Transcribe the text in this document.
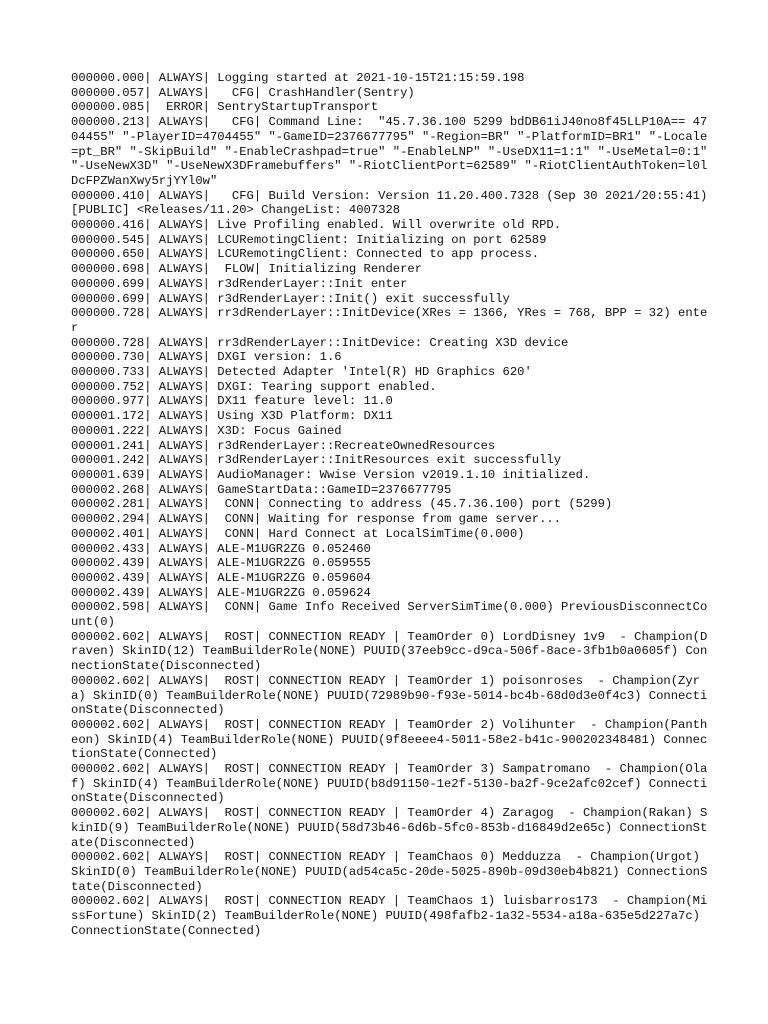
000000.000| ALWAYS| Logging started at 2021-10-15T21:15:59.198
000000.057| ALWAYS|   CFG| CrashHandler(Sentry)
000000.085|  ERROR| SentryStartupTransport
000000.213| ALWAYS|   CFG| Command Line:  "45.7.36.100 5299 bdDB61iJ40no8f45LLP10A== 4704455" "-PlayerID=4704455" "-GameID=2376677795" "-Region=BR" "-PlatformID=BR1" "-Locale=pt_BR" "-SkipBuild" "-EnableCrashpad=true" "-EnableLNP" "-UseDX11=1:1" "-UseMetal=0:1" "-UseNewX3D" "-UseNewX3DFramebuffers" "-RiotClientPort=62589" "-RiotClientAuthToken=l0lDcFPZWanXwy5rjYYl0w"
000000.410| ALWAYS|   CFG| Build Version: Version 11.20.400.7328 (Sep 30 2021/20:55:41) [PUBLIC] <Releases/11.20> ChangeList: 4007328
000000.416| ALWAYS| Live Profiling enabled. Will overwrite old RPD.
000000.545| ALWAYS| LCURemotingClient: Initializing on port 62589
000000.650| ALWAYS| LCURemotingClient: Connected to app process.
000000.698| ALWAYS|  FLOW| Initializing Renderer
000000.699| ALWAYS| r3dRenderLayer::Init enter
000000.699| ALWAYS| r3dRenderLayer::Init() exit successfully
000000.728| ALWAYS| rr3dRenderLayer::InitDevice(XRes = 1366, YRes = 768, BPP = 32) enter
000000.728| ALWAYS| rr3dRenderLayer::InitDevice: Creating X3D device
000000.730| ALWAYS| DXGI version: 1.6
000000.733| ALWAYS| Detected Adapter 'Intel(R) HD Graphics 620'
000000.752| ALWAYS| DXGI: Tearing support enabled.
000000.977| ALWAYS| DX11 feature level: 11.0
000001.172| ALWAYS| Using X3D Platform: DX11
000001.222| ALWAYS| X3D: Focus Gained
000001.241| ALWAYS| r3dRenderLayer::RecreateOwnedResources
000001.242| ALWAYS| r3dRenderLayer::InitResources exit successfully
000001.639| ALWAYS| AudioManager: Wwise Version v2019.1.10 initialized.
000002.268| ALWAYS| GameStartData::GameID=2376677795
000002.281| ALWAYS|  CONN| Connecting to address (45.7.36.100) port (5299)
000002.294| ALWAYS|  CONN| Waiting for response from game server...
000002.401| ALWAYS|  CONN| Hard Connect at LocalSimTime(0.000)
000002.433| ALWAYS| ALE-M1UGR2ZG 0.052460
000002.439| ALWAYS| ALE-M1UGR2ZG 0.059555
000002.439| ALWAYS| ALE-M1UGR2ZG 0.059604
000002.439| ALWAYS| ALE-M1UGR2ZG 0.059624
000002.598| ALWAYS|  CONN| Game Info Received ServerSimTime(0.000) PreviousDisconnectCount(0)
000002.602| ALWAYS|  ROST| CONNECTION READY | TeamOrder 0) LordDisney 1v9  - Champion(Draven) SkinID(12) TeamBuilderRole(NONE) PUUID(37eeb9cc-d9ca-506f-8ace-3fb1b0a0605f) ConnectionState(Disconnected)
000002.602| ALWAYS|  ROST| CONNECTION READY | TeamOrder 1) poisonroses  - Champion(Zyra) SkinID(0) TeamBuilderRole(NONE) PUUID(72989b90-f93e-5014-bc4b-68d0d3e0f4c3) ConnectionState(Disconnected)
000002.602| ALWAYS|  ROST| CONNECTION READY | TeamOrder 2) Volihunter  - Champion(Pantheon) SkinID(4) TeamBuilderRole(NONE) PUUID(9f8eeee4-5011-58e2-b41c-900202348481) ConnectionState(Connected)
000002.602| ALWAYS|  ROST| CONNECTION READY | TeamOrder 3) Sampatromano  - Champion(Olaf) SkinID(4) TeamBuilderRole(NONE) PUUID(b8d91150-1e2f-5130-ba2f-9ce2afc02cef) ConnectionState(Disconnected)
000002.602| ALWAYS|  ROST| CONNECTION READY | TeamOrder 4) Zaragog  - Champion(Rakan) SkinID(9) TeamBuilderRole(NONE) PUUID(58d73b46-6d6b-5fc0-853b-d16849d2e65c) ConnectionState(Disconnected)
000002.602| ALWAYS|  ROST| CONNECTION READY | TeamChaos 0) Medduzza  - Champion(Urgot) SkinID(0) TeamBuilderRole(NONE) PUUID(ad54ca5c-20de-5025-890b-09d30eb4b821) ConnectionState(Disconnected)
000002.602| ALWAYS|  ROST| CONNECTION READY | TeamChaos 1) luisbarros173  - Champion(MissFortune) SkinID(2) TeamBuilderRole(NONE) PUUID(498fafb2-1a32-5534-a18a-635e5d227a7c) ConnectionState(Connected)
